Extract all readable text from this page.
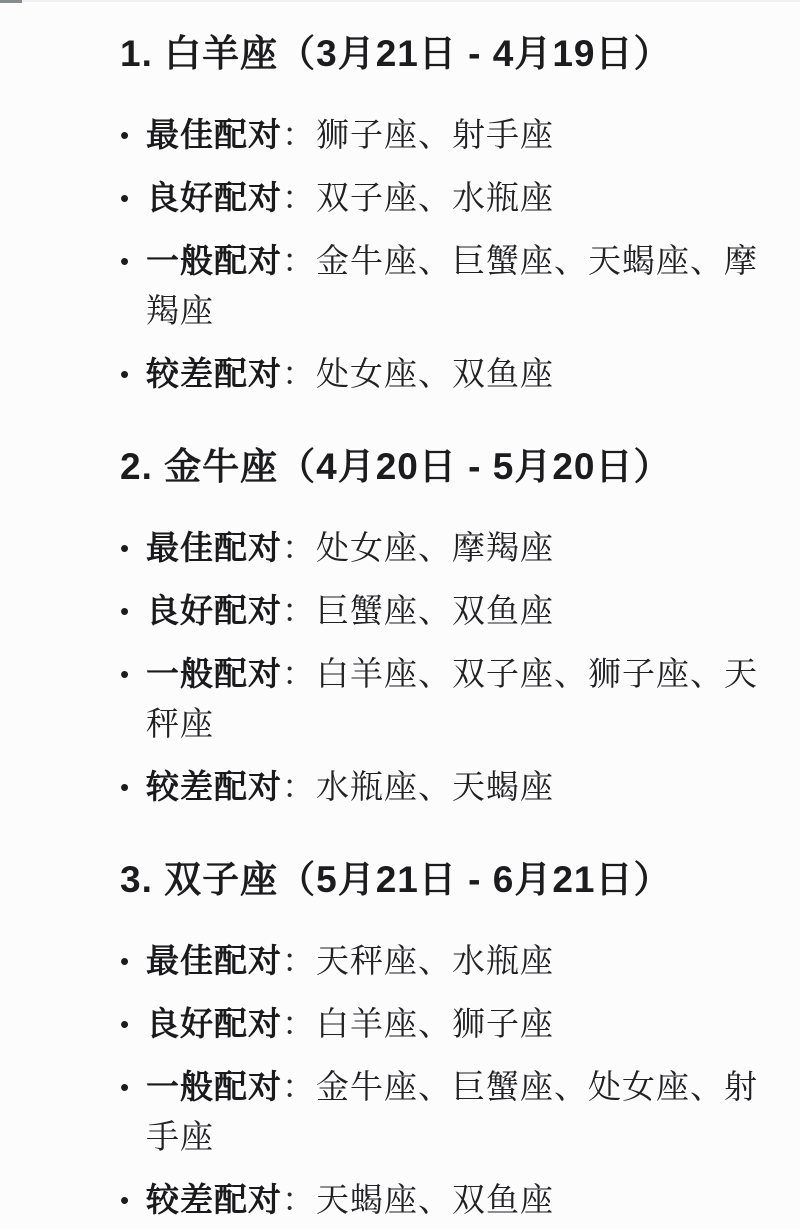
1. 白羊座（3月21日 - 4月19日）
• 最佳配对：狮子座、射手座
• 良好配对：双子座、水瓶座
• 一般配对：金牛座、巨蟹座、天蝎座、摩羯座
• 较差配对：处女座、双鱼座
2. 金牛座（4月20日 - 5月20日）
• 最佳配对：处女座、摩羯座
• 良好配对：巨蟹座、双鱼座
• 一般配对：白羊座、双子座、狮子座、天秤座
• 较差配对：水瓶座、天蝎座
3. 双子座（5月21日 - 6月21日）
• 最佳配对：天秤座、水瓶座
• 良好配对：白羊座、狮子座
• 一般配对：金牛座、巨蟹座、处女座、射手座
• 较差配对：天蝎座、双鱼座
